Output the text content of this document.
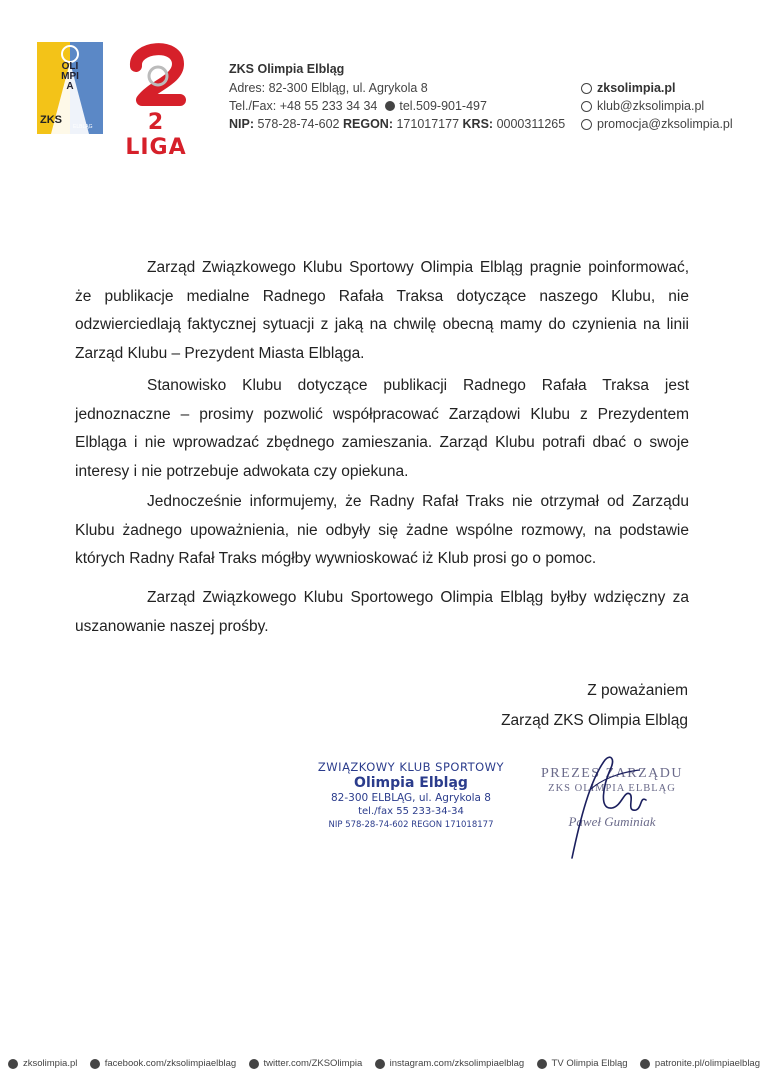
OLIMPIA
ZKS
ELBLĄG	2 LIGA
ZKS Olimpia Elbląg
Adres: 82-300 Elbląg, ul. Agrykola 8
Tel./Fax: +48 55 233 34 34 tel.509-901-497
NIP: 578-28-74-602 REGON: 171017177 KRS: 0000311265
zksolimpia.pl
klub@zksolimpia.pl
promocja@zksolimpia.pl
Zarząd Związkowego Klubu Sportowy Olimpia Elbląg pragnie poinformować, że publikacje medialne Radnego Rafała Traksa dotyczące naszego Klubu, nie odzwierciedlają faktycznej sytuacji z jaką na chwilę obecną mamy do czynienia na linii Zarząd Klubu – Prezydent Miasta Elbląga.
Stanowisko Klubu dotyczące publikacji Radnego Rafała Traksa jest jednoznaczne – prosimy pozwolić współpracować Zarządowi Klubu z Prezydentem Elbląga i nie wprowadzać zbędnego zamieszania. Zarząd Klubu potrafi dbać o swoje interesy i nie potrzebuje adwokata czy opiekuna.
Jednocześnie informujemy, że Radny Rafał Traks nie otrzymał od Zarządu Klubu żadnego upoważnienia, nie odbyły się żadne wspólne rozmowy, na podstawie których Radny Rafał Traks mógłby wywnioskować iż Klub prosi go o pomoc.
Zarząd Związkowego Klubu Sportowego Olimpia Elbląg byłby wdzięczny za uszanowanie naszej prośby.
Z poważaniem
Zarząd ZKS Olimpia Elbląg
ZWIĄZKOWY KLUB SPORTOWY
Olimpia Elbląg
82-300 ELBLĄG, ul. Agrykola 8
tel./fax 55 233-34-34
NIP 578-28-74-602 REGON 171018177
PREZES ZARZĄDU
ZKS OLIMPIA ELBLĄG
Paweł Guminiak
zksolimpia.pl	facebook.com/zksolimpiaelblag	twitter.com/ZKSOlimpia	instagram.com/zksolimpiaelblag	TV Olimpia Elbląg	patronite.pl/olimpiaelblag
